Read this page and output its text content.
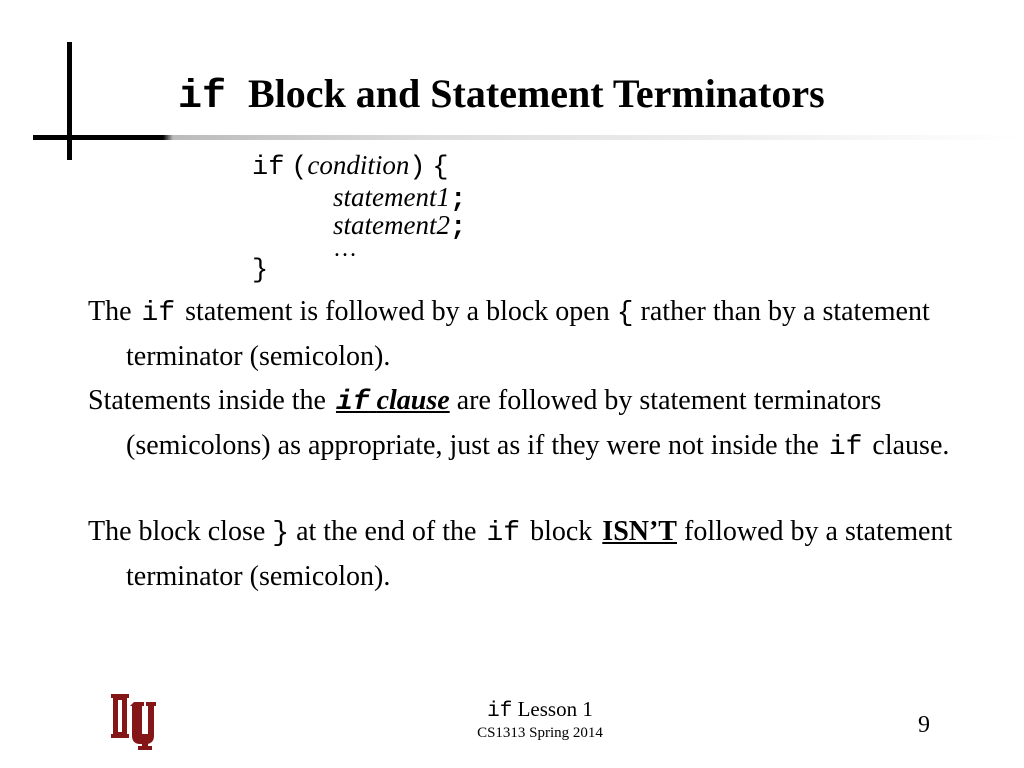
if Block and Statement Terminators
if (condition) {
statement1;
statement2;
…
}

The if statement is followed by a block open { rather than by a statement terminator (semicolon).

Statements inside the if clause are followed by statement terminators (semicolons) as appropriate, just as if they were not inside the if clause.

The block close } at the end of the if block ISN’T followed by a statement terminator (semicolon).

if Lesson 1
CS1313 Spring 2014	9
